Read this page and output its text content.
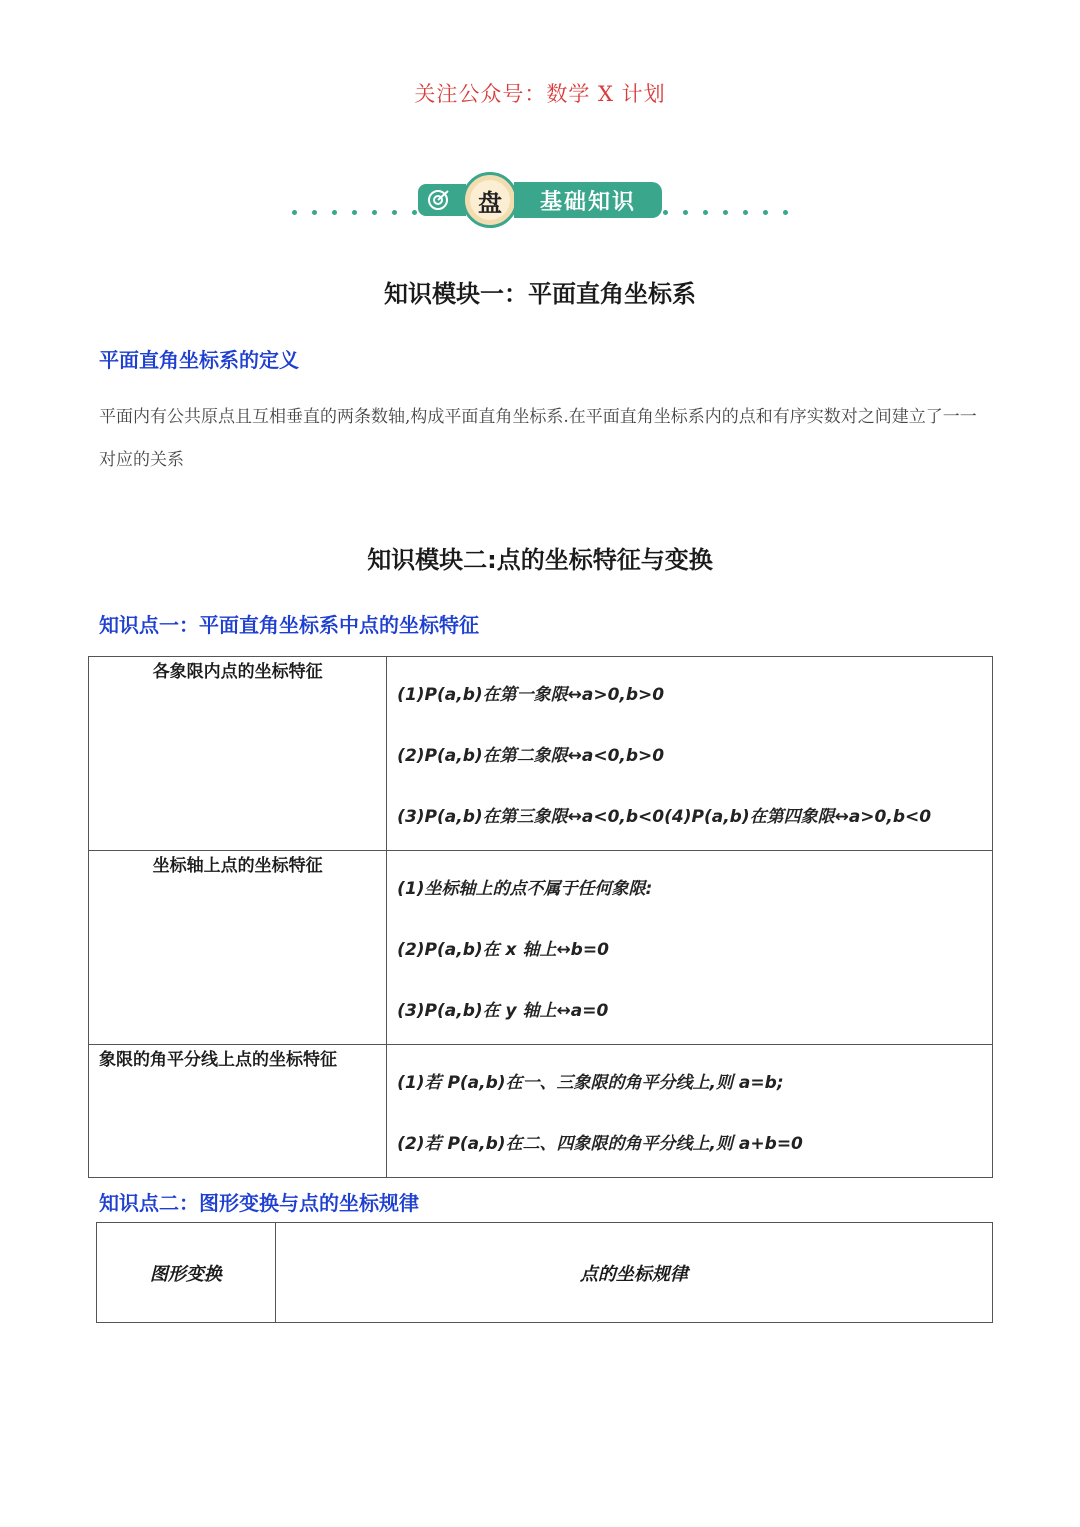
关注公众号：数学 X 计划
盘	基础知识
知识模块一：平面直角坐标系
平面直角坐标系的定义
平面内有公共原点且互相垂直的两条数轴,构成平面直角坐标系.在平面直角坐标系内的点和有序实数对之间建立了一一对应的关系
知识模块二:点的坐标特征与变换
知识点一：平面直角坐标系中点的坐标特征
各象限内点的坐标特征	(1)P(a,b)在第一象限↔a>0,b>0
(2)P(a,b)在第二象限↔a<0,b>0
(3)P(a,b)在第三象限↔a<0,b<0(4)P(a,b)在第四象限↔a>0,b<0

坐标轴上点的坐标特征	(1)坐标轴上的点不属于任何象限:
(2)P(a,b)在 x 轴上↔b=0
(3)P(a,b)在 y 轴上↔a=0

象限的角平分线上点的坐标特征	(1)若 P(a,b)在一、三象限的角平分线上,则 a=b;
(2)若 P(a,b)在二、四象限的角平分线上,则 a+b=0
知识点二：图形变换与点的坐标规律
图形变换	点的坐标规律
